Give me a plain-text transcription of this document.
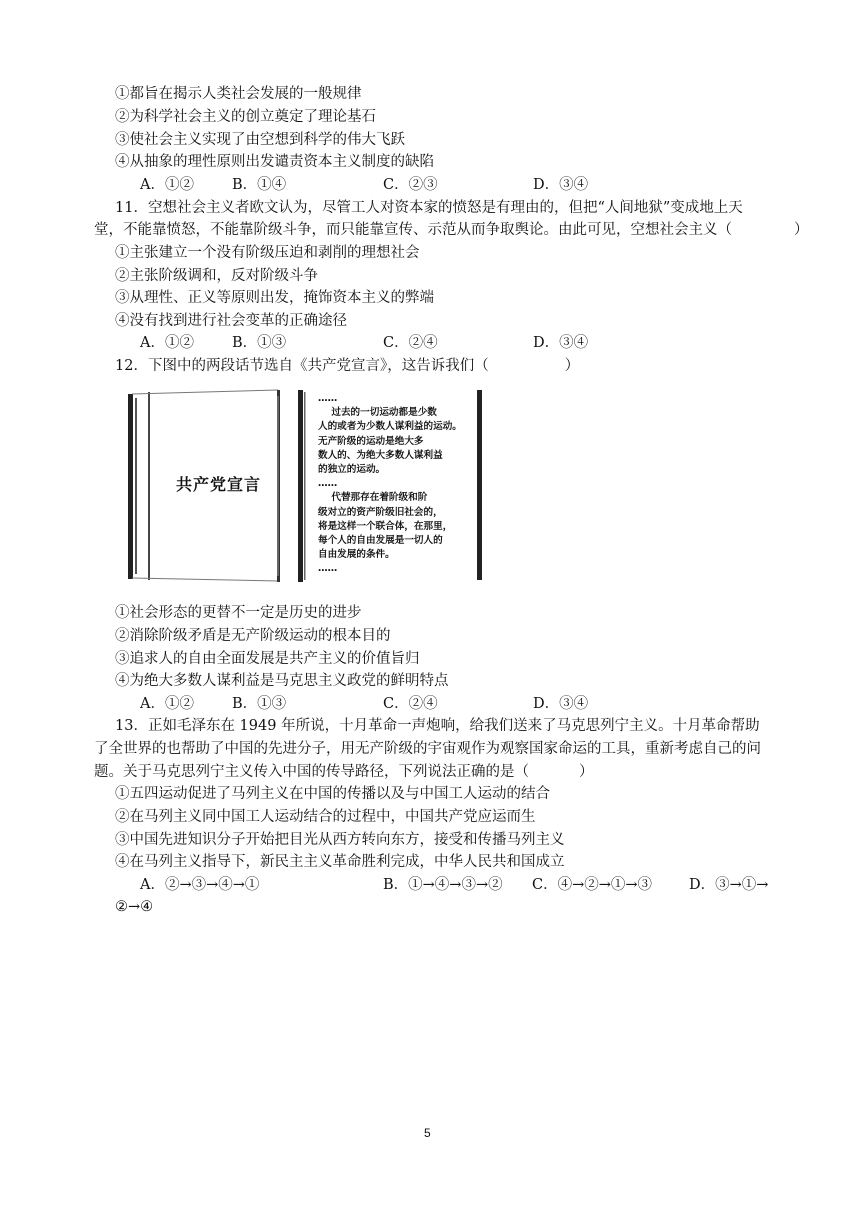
①都旨在揭示人类社会发展的一般规律
②为科学社会主义的创立奠定了理论基石
③使社会主义实现了由空想到科学的伟大飞跃
④从抽象的理性原则出发谴责资本主义制度的缺陷
A．①②	B．①④	C．②③	D．③④
11．空想社会主义者欧文认为，尽管工人对资本家的愤怒是有理由的，但把“人间地狱”变成地上天
堂，不能靠愤怒，不能靠阶级斗争，而只能靠宣传、示范从而争取舆论。由此可见，空想社会主义（	）
①主张建立一个没有阶级压迫和剥削的理想社会
②主张阶级调和，反对阶级斗争
③从理性、正义等原则出发，掩饰资本主义的弊端
④没有找到进行社会变革的正确途径
A．①②	B．①③	C．②④	D．③④
12．下图中的两段话节选自《共产党宣言》，这告诉我们（	）
共产党宣言
……
过去的一切运动都是少数
人的或者为少数人谋利益的运动。
无产阶级的运动是绝大多
数人的、为绝大多数人谋利益
的独立的运动。
……
代替那存在着阶级和阶
级对立的资产阶级旧社会的，
将是这样一个联合体，在那里，
每个人的自由发展是一切人的
自由发展的条件。
……
①社会形态的更替不一定是历史的进步
②消除阶级矛盾是无产阶级运动的根本目的
③追求人的自由全面发展是共产主义的价值旨归
④为绝大多数人谋利益是马克思主义政党的鲜明特点
A．①②	B．①③	C．②④	D．③④
13．正如毛泽东在 1949 年所说，十月革命一声炮响，给我们送来了马克思列宁主义。十月革命帮助
了全世界的也帮助了中国的先进分子，用无产阶级的宇宙观作为观察国家命运的工具，重新考虑自己的问
题。关于马克思列宁主义传入中国的传导路径，下列说法正确的是（	）
①五四运动促进了马列主义在中国的传播以及与中国工人运动的结合
②在马列主义同中国工人运动结合的过程中，中国共产党应运而生
③中国先进知识分子开始把目光从西方转向东方，接受和传播马列主义
④在马列主义指导下，新民主主义革命胜利完成，中华人民共和国成立
A．②→③→④→①	B．①→④→③→② C．④→②→①→③	D．③→①→
②→④
5
